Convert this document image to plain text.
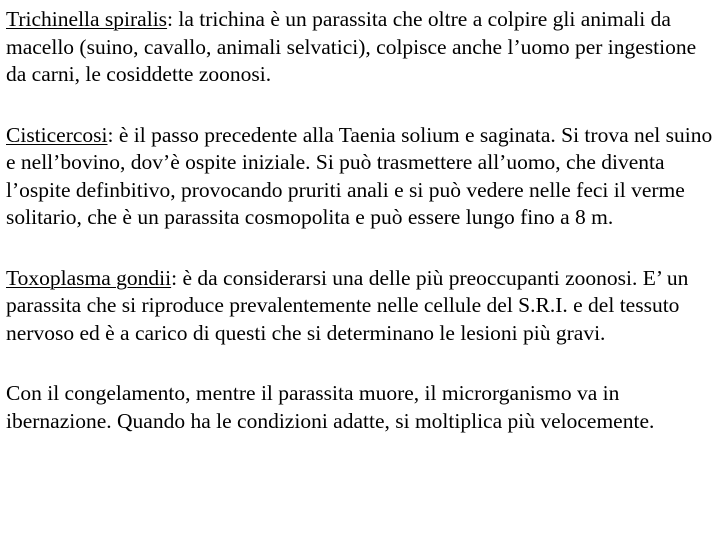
Trichinella spiralis: la trichina è un parassita che oltre a colpire gli animali da macello (suino, cavallo, animali selvatici), colpisce anche l’uomo per ingestione da carni, le cosiddette zoonosi.

Cisticercosi: è il passo precedente alla Taenia solium e saginata. Si trova nel suino e nell’bovino, dov’è ospite iniziale. Si può trasmettere all’uomo, che diventa l’ospite definbitivo, provocando pruriti anali e si può vedere nelle feci il verme solitario, che è un parassita cosmopolita e può essere lungo fino a 8 m.

Toxoplasma gondii: è da considerarsi una delle più preoccupanti zoonosi. E’ un parassita che si riproduce prevalentemente nelle cellule del S.R.I. e del tessuto nervoso ed è a carico di questi che si determinano le lesioni più gravi.

Con il congelamento, mentre il parassita muore, il microrganismo va in ibernazione. Quando ha le condizioni adatte, si moltiplica più velocemente.
